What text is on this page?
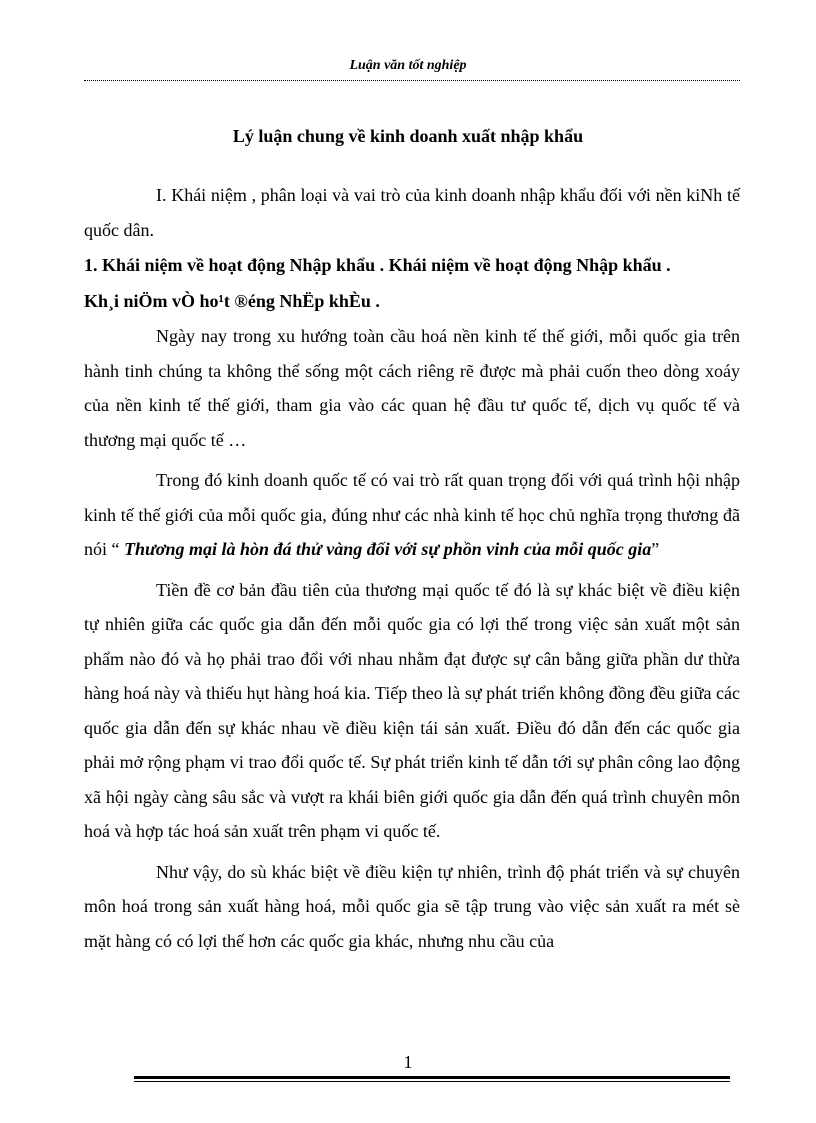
Luận văn tốt nghiệp
Lý luận chung về kinh doanh xuất nhập khẩu

I. Khái niệm , phân loại và vai trò của kinh doanh nhập khẩu đối với nền kiNh tế quốc dân.

1. Khái niệm về hoạt động Nhập khẩu . Khái niệm về hoạt động Nhập khẩu .

Kh¸i niÖm vÒ ho¹t ®éng NhËp khÈu .

Ngày nay trong xu hướng toàn cầu hoá nền kinh tế thế giới, mỗi quốc gia trên hành tinh chúng ta không thể sống một cách riêng rẽ được mà phải cuốn theo dòng xoáy của nền kinh tế thế giới, tham gia vào các quan hệ đầu tư quốc tế, dịch vụ quốc tế và thương mại quốc tế …

Trong đó kinh doanh quốc tế có vai trò rất quan trọng đối với quá trình hội nhập kinh tế thế giới của mỗi quốc gia, đúng như các nhà kinh tế học chủ nghĩa trọng thương đã nói “ Thương mại là hòn đá thử vàng đối với sự phồn vinh của mỗi quốc gia”

Tiền đề cơ bản đầu tiên của thương mại quốc tế đó là sự khác biệt về điều kiện tự nhiên giữa các quốc gia dẫn đến mỗi quốc gia có lợi thế trong việc sản xuất một sản phẩm nào đó và họ phải trao đổi với nhau nhằm đạt được sự cân bằng giữa phần dư thừa hàng hoá này và thiếu hụt hàng hoá kia. Tiếp theo là sự phát triển không đồng đều giữa các quốc gia dẫn đến sự khác nhau về điều kiện tái sản xuất. Điều đó dẫn đến các quốc gia phải mở rộng phạm vi trao đổi quốc tế. Sự phát triển kinh tế dẫn tới sự phân công lao động xã hội ngày càng sâu sắc và vượt ra khái biên giới quốc gia dẫn đến quá trình chuyên môn hoá và hợp tác hoá sản xuất trên phạm vi quốc tế.

Như vậy, do sù khác biệt về điều kiện tự nhiên, trình độ phát triển và sự chuyên môn hoá trong sản xuất hàng hoá, mỗi quốc gia sẽ tập trung vào việc sản xuất ra mét sè mặt hàng có có lợi thế hơn các quốc gia khác, nhưng nhu cầu của

1
